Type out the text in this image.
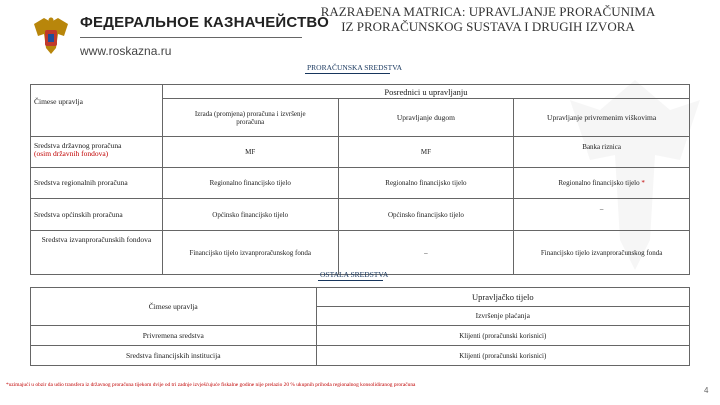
ФЕДЕРАЛЬНОЕ КАЗНАЧЕЙСТВО
www.roskazna.ru
RAZRAĐENA MATRICA: UPRAVLJANJE PRORAČUNIMA
IZ PRORAČUNSKOG SUSTAVA I DRUGIH IZVORA
PRORAČUNSKA SREDSTVA
Čimese upravlja	Posrednici u upravljanju		
	Izrada (promjena) proračuna i izvršenje proračuna	Upravljanje dugom	Upravljanje privremenim viškovima

Sredstva državnog proračuna
(osim državnih fondova)	MF	MF	Banka riznica
Sredstva regionalnih proračuna	Regionalno financijsko tijelo	Regionalno financijsko tijelo	Regionalno financijsko tijelo *
Sredstva općinskih proračuna	Općinsko financijsko tijelo	Općinsko financijsko tijelo	–
Sredstva izvanproračunskih fondova	Financijsko tijelo izvanproračunskog fonda	–	Financijsko tijelo izvanproračunskog fonda
OSTALA SREDSTVA
Čimese upravlja	Upravljačko tijelo
	Izvršenje plaćanja
Privremena sredstva	Klijenti (proračunski korisnici)
Sredstva financijskih institucija	Klijenti (proračunski korisnici)
*uzimajući u obzir da udio transfera iz državnog proračuna tijekom dvije od tri zadnje izvješćujuće fiskalne godine nije prelazio 20 % ukupnih prihoda regionalnog konsolidiranog proračuna
4
